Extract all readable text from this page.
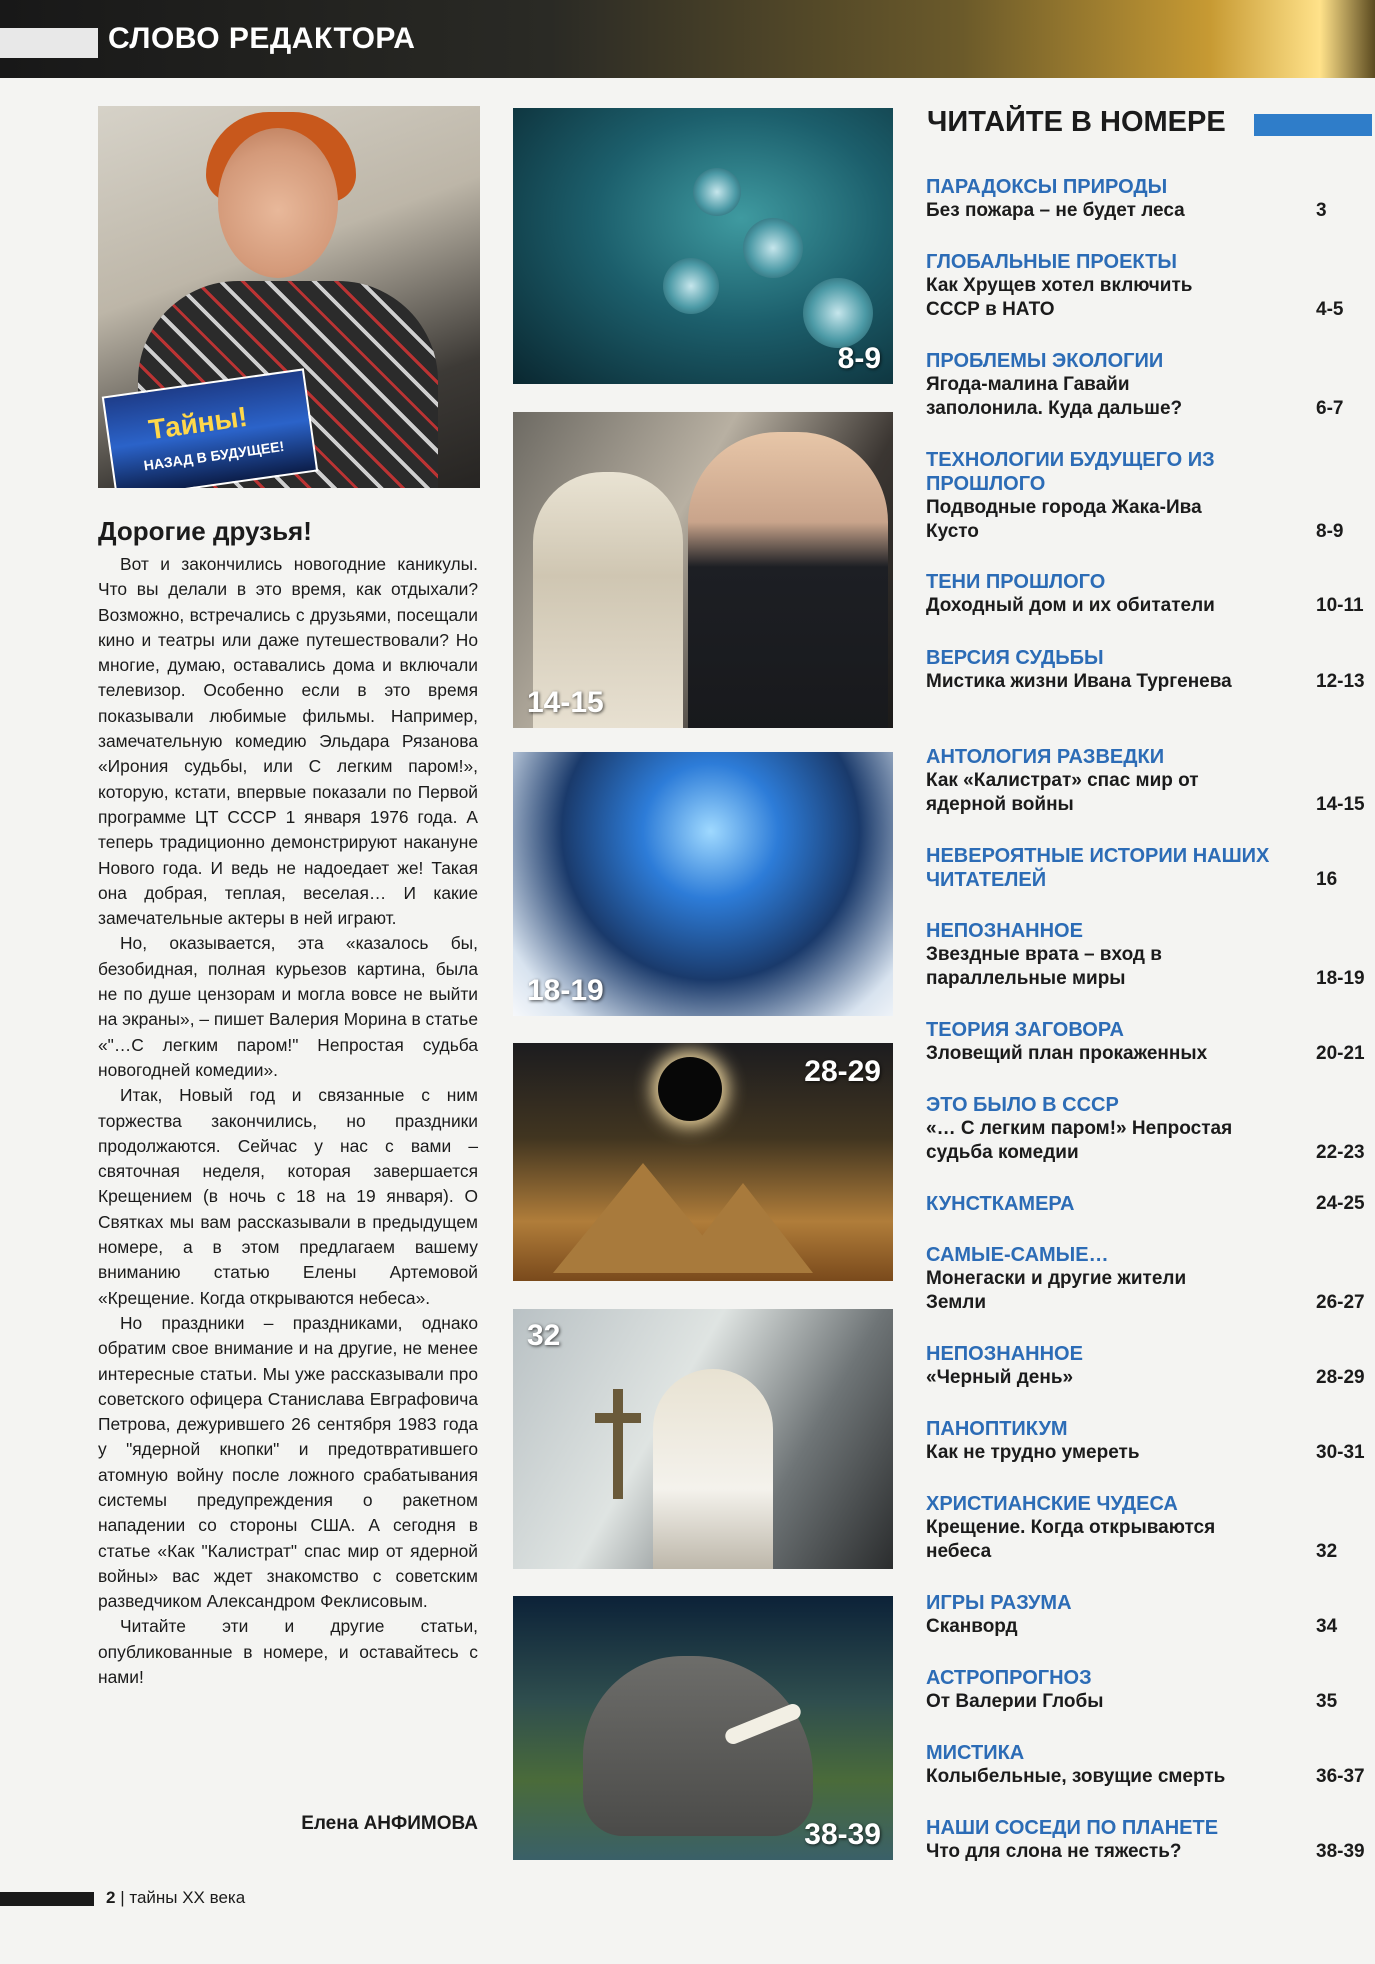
СЛОВО РЕДАКТОРА
Тайны!
НАЗАД В БУДУЩЕЕ!
Дорогие друзья!

Вот и закончились новогодние каникулы. Что вы делали в это время, как отдыхали? Возможно, встречались с друзьями, посещали кино и театры или даже путешествовали? Но многие, думаю, оставались дома и включали телевизор. Особенно если в это время показывали любимые фильмы. Например, замечательную комедию Эльдара Рязанова «Ирония судьбы, или С легким паром!», которую, кстати, впервые показали по Первой программе ЦТ СССР 1 января 1976 года. А теперь традиционно демонстрируют накануне Нового года. И ведь не надоедает же! Такая она добрая, теплая, веселая… И какие замечательные актеры в ней играют.

Но, оказывается, эта «казалось бы, безобидная, полная курьезов картина, была не по душе цензорам и могла вовсе не выйти на экраны», – пишет Валерия Морина в статье «"…С легким паром!" Непростая судьба новогодней комедии».

Итак, Новый год и связанные с ним торжества закончились, но праздники продолжаются. Сейчас у нас с вами – святочная неделя, которая завершается Крещением (в ночь с 18 на 19 января). О Святках мы вам рассказывали в предыдущем номере, а в этом предлагаем вашему вниманию статью Елены Артемовой «Крещение. Когда открываются небеса».

Но праздники – праздниками, однако обратим свое внимание и на другие, не менее интересные статьи. Мы уже рассказывали про советского офицера Станислава Евграфовича Петрова, дежурившего 26 сентября 1983 года у "ядерной кнопки" и предотвратившего атомную войну после ложного срабатывания системы предупреждения о ракетном нападении со стороны США. А сегодня в статье «Как "Калистрат" спас мир от ядерной войны» вас ждет знакомство с советским разведчиком Александром Феклисовым.

Читайте эти и другие статьи, опубликованные в номере, и оставайтесь с нами!

Елена АНФИМОВА
8-9
14-15
18-19
28-29
32
38-39
ЧИТАЙТЕ В НОМЕРЕ
ПАРАДОКСЫ ПРИРОДЫ
Без пожара – не будет леса	3
ГЛОБАЛЬНЫЕ ПРОЕКТЫ
Как Хрущев хотел включить СССР в НАТО	4-5
ПРОБЛЕМЫ ЭКОЛОГИИ
Ягода-малина Гавайи заполонила. Куда дальше?	6-7
ТЕХНОЛОГИИ БУДУЩЕГО ИЗ ПРОШЛОГО
Подводные города Жака-Ива Кусто	8-9
ТЕНИ ПРОШЛОГО
Доходный дом и их обитатели	10-11
ВЕРСИЯ СУДЬБЫ
Мистика жизни Ивана Тургенева	12-13
АНТОЛОГИЯ РАЗВЕДКИ
Как «Калистрат» спас мир от ядерной войны	14-15
НЕВЕРОЯТНЫЕ ИСТОРИИ НАШИХ ЧИТАТЕЛЕЙ	16
НЕПОЗНАННОЕ
Звездные врата – вход в параллельные миры	18-19
ТЕОРИЯ ЗАГОВОРА
Зловещий план прокаженных	20-21
ЭТО БЫЛО В СССР
«… С легким паром!» Непростая судьба комедии	22-23
КУНСТКАМЕРА	24-25
САМЫЕ-САМЫЕ…
Монегаски и другие жители Земли	26-27
НЕПОЗНАННОЕ
«Черный день»	28-29
ПАНОПТИКУМ
Как не трудно умереть	30-31
ХРИСТИАНСКИЕ ЧУДЕСА
Крещение. Когда открываются небеса	32
ИГРЫ РАЗУМА
Сканворд	34
АСТРОПРОГНОЗ
От Валерии Глобы	35
МИСТИКА
Колыбельные, зовущие смерть	36-37
НАШИ СОСЕДИ ПО ПЛАНЕТЕ
Что для слона не тяжесть?	38-39
2 | тайны XX века
